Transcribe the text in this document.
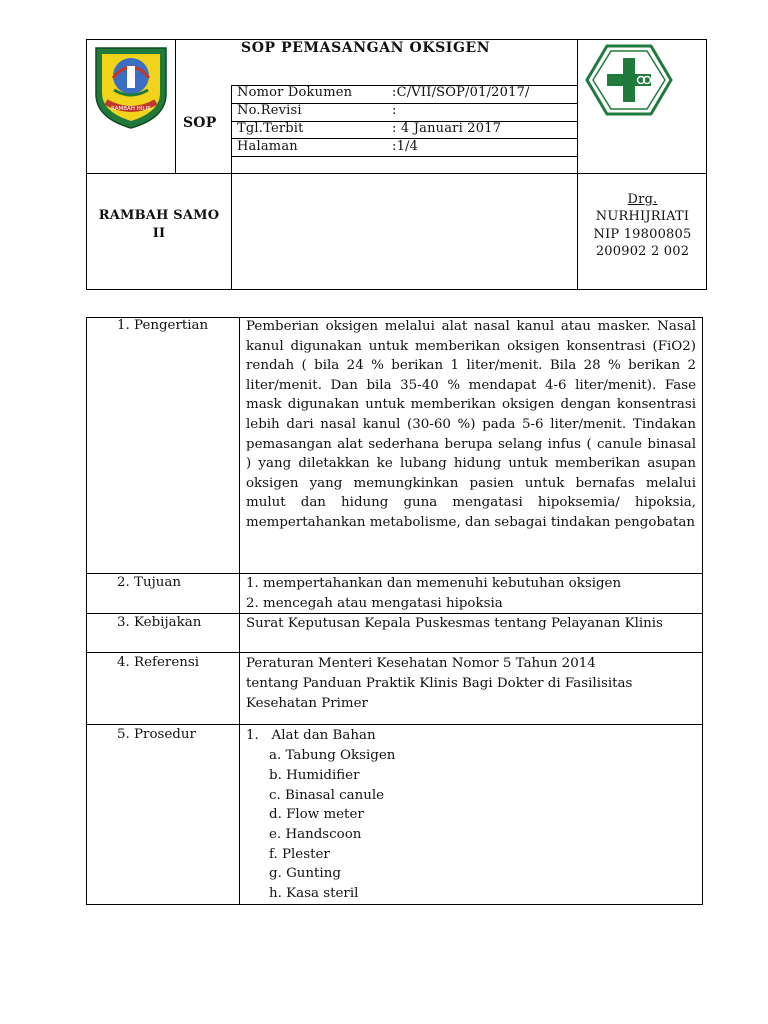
RAMBAH HILIR
SOP PEMASANGAN OKSIGEN
SOP
Nomor Dokumen	:C/VII/SOP/01/2017/
No.Revisi	:
Tgl.Terbit	: 4 Januari 2017
Halaman	:1/4
RAMBAH SAMO
II
Drg.
NURHIJRIATI
NIP 19800805
200902 2 002
1. Pengertian	Pemberian oksigen melalui alat nasal kanul atau masker. Nasal kanul digunakan untuk memberikan oksigen konsentrasi (FiO2) rendah ( bila 24 % berikan 1 liter/menit. Bila 28 % berikan 2 liter/menit. Dan bila 35-40 % mendapat 4-6 liter/menit). Fase mask digunakan untuk memberikan oksigen dengan konsentrasi lebih dari nasal kanul (30-60 %) pada 5-6 liter/menit. Tindakan pemasangan alat sederhana berupa selang infus ( canule binasal ) yang diletakkan ke lubang hidung untuk memberikan asupan oksigen yang memungkinkan pasien untuk bernafas melalui mulut dan hidung guna mengatasi hipoksemia/ hipoksia, mempertahankan metabolisme, dan sebagai tindakan pengobatan
2. Tujuan	1. mempertahankan dan memenuhi kebutuhan oksigen
2. mencegah atau mengatasi hipoksia
3. Kebijakan	Surat Keputusan Kepala Puskesmas tentang Pelayanan Klinis
4. Referensi	Peraturan Menteri Kesehatan Nomor 5 Tahun 2014
tentang Panduan Praktik Klinis Bagi Dokter di Fasilisitas
Kesehatan Primer
5. Prosedur	1.   Alat dan Bahan
a. Tabung Oksigen
b. Humidifier
c. Binasal canule
d. Flow meter
e. Handscoon
f. Plester
g. Gunting
h. Kasa steril
